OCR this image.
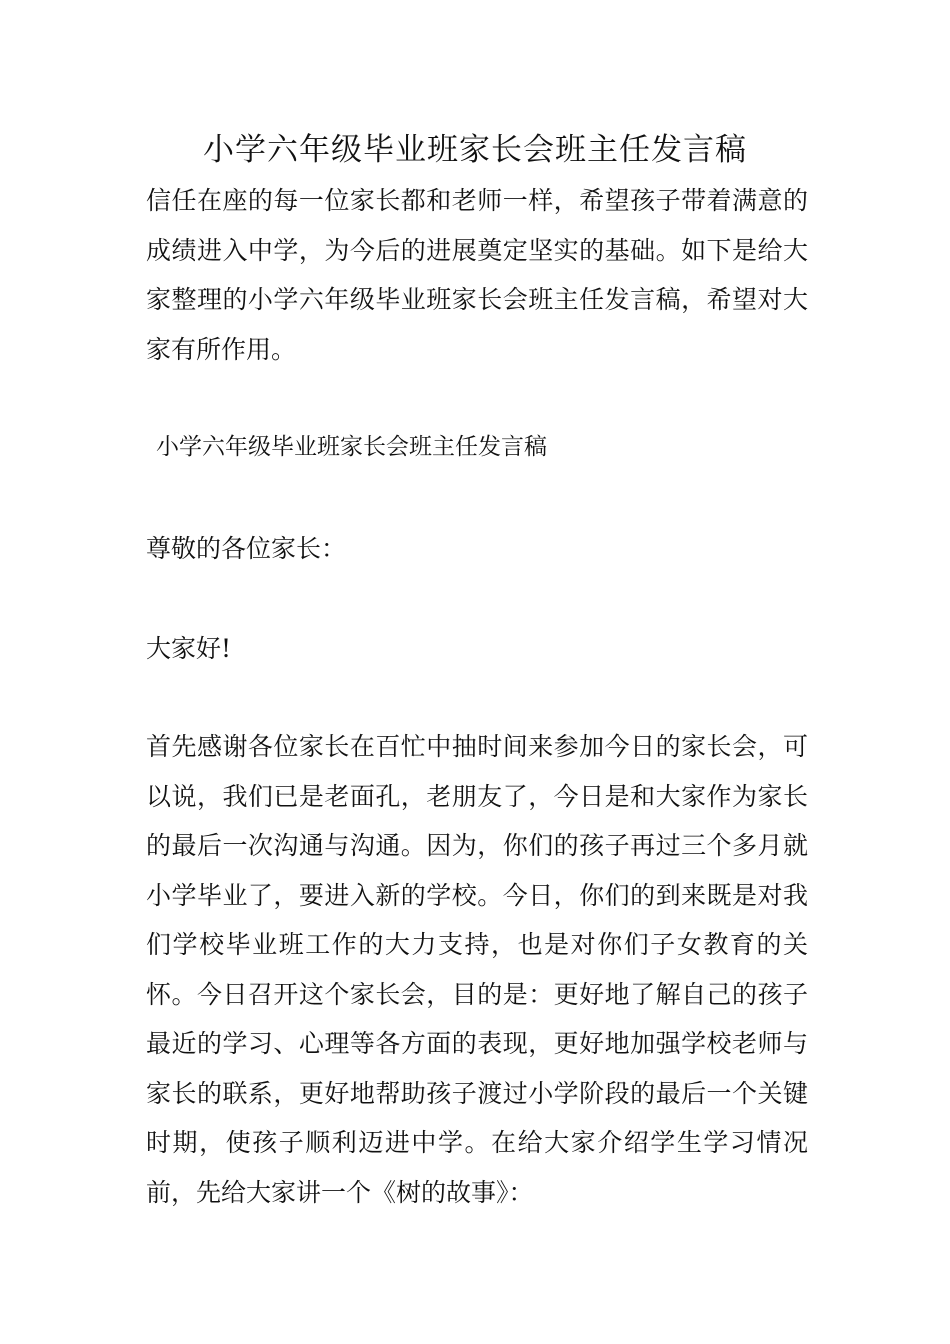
小学六年级毕业班家长会班主任发言稿

信任在座的每一位家长都和老师一样，希望孩子带着满意的成绩进入中学，为今后的进展奠定坚实的基础。如下是给大家整理的小学六年级毕业班家长会班主任发言稿，希望对大家有所作用。

小学六年级毕业班家长会班主任发言稿

尊敬的各位家长：

大家好!

首先感谢各位家长在百忙中抽时间来参加今日的家长会，可以说，我们已是老面孔，老朋友了，今日是和大家作为家长的最后一次沟通与沟通。因为，你们的孩子再过三个多月就小学毕业了，要进入新的学校。今日，你们的到来既是对我们学校毕业班工作的大力支持，也是对你们子女教育的关怀。今日召开这个家长会，目的是：更好地了解自己的孩子最近的学习、心理等各方面的表现，更好地加强学校老师与家长的联系，更好地帮助孩子渡过小学阶段的最后一个关键时期，使孩子顺利迈进中学。在给大家介绍学生学习情况前，先给大家讲一个《树的故事》：
